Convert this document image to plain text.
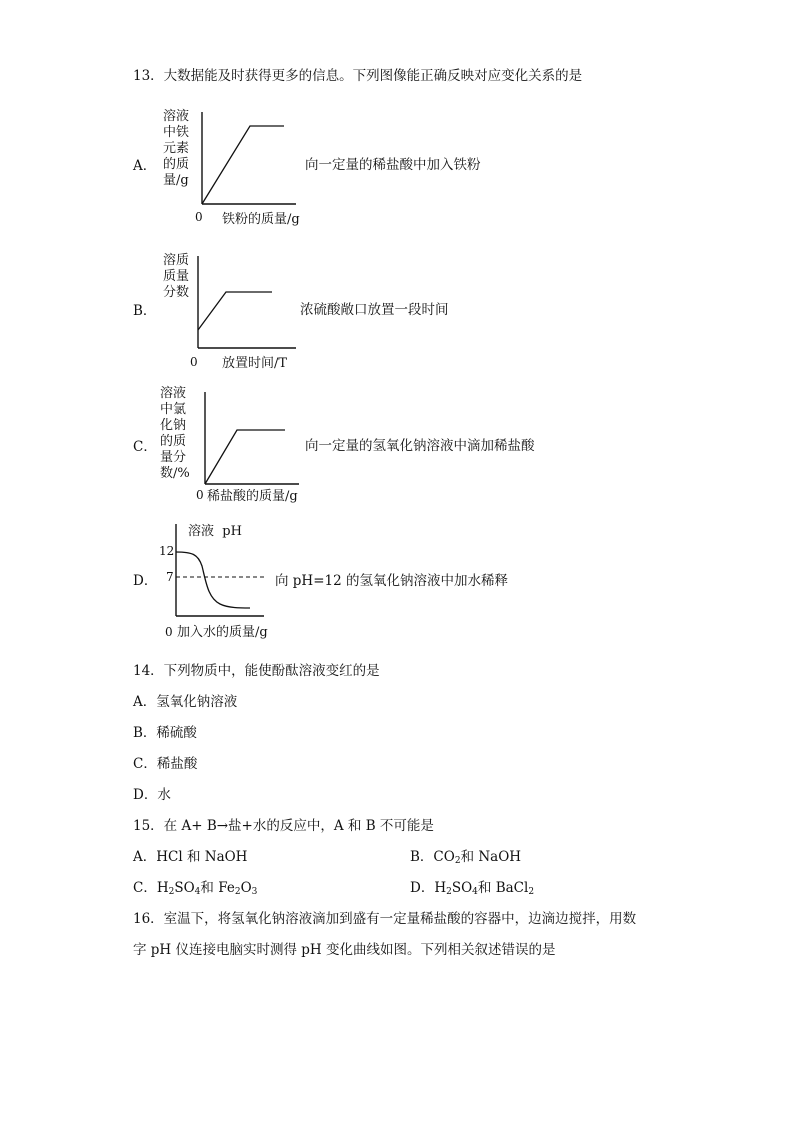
13．大数据能及时获得更多的信息。下列图像能正确反映对应变化关系的是
A．
溶液
中铁
元素
的质
量/g
0 铁粉的质量/g
向一定量的稀盐酸中加入铁粉
B．
溶质
质量
分数
0 放置时间/T
浓硫酸敞口放置一段时间
C．
溶液
中氯
化钠
的质
量分
数/%
0 稀盐酸的质量/g
向一定量的氢氧化钠溶液中滴加稀盐酸
D．
溶液  pH
12
7
0 加入水的质量/g
向 pH=12 的氢氧化钠溶液中加水稀释
14．下列物质中，能使酚酞溶液变红的是
A．氢氧化钠溶液
B．稀硫酸
C．稀盐酸
D．水
15．在 A+ B→盐+水的反应中，A 和 B 不可能是
A．HCl 和 NaOH	B．$CO_2$和 NaOH
C．$H_2SO_4$和 $Fe_2O_3$	D．$H_2SO_4$和 BaCl$_2$
16．室温下，将氢氧化钠溶液滴加到盛有一定量稀盐酸的容器中，边滴边搅拌，用数
字 pH 仪连接电脑实时测得 pH 变化曲线如图。下列相关叙述错误的是
